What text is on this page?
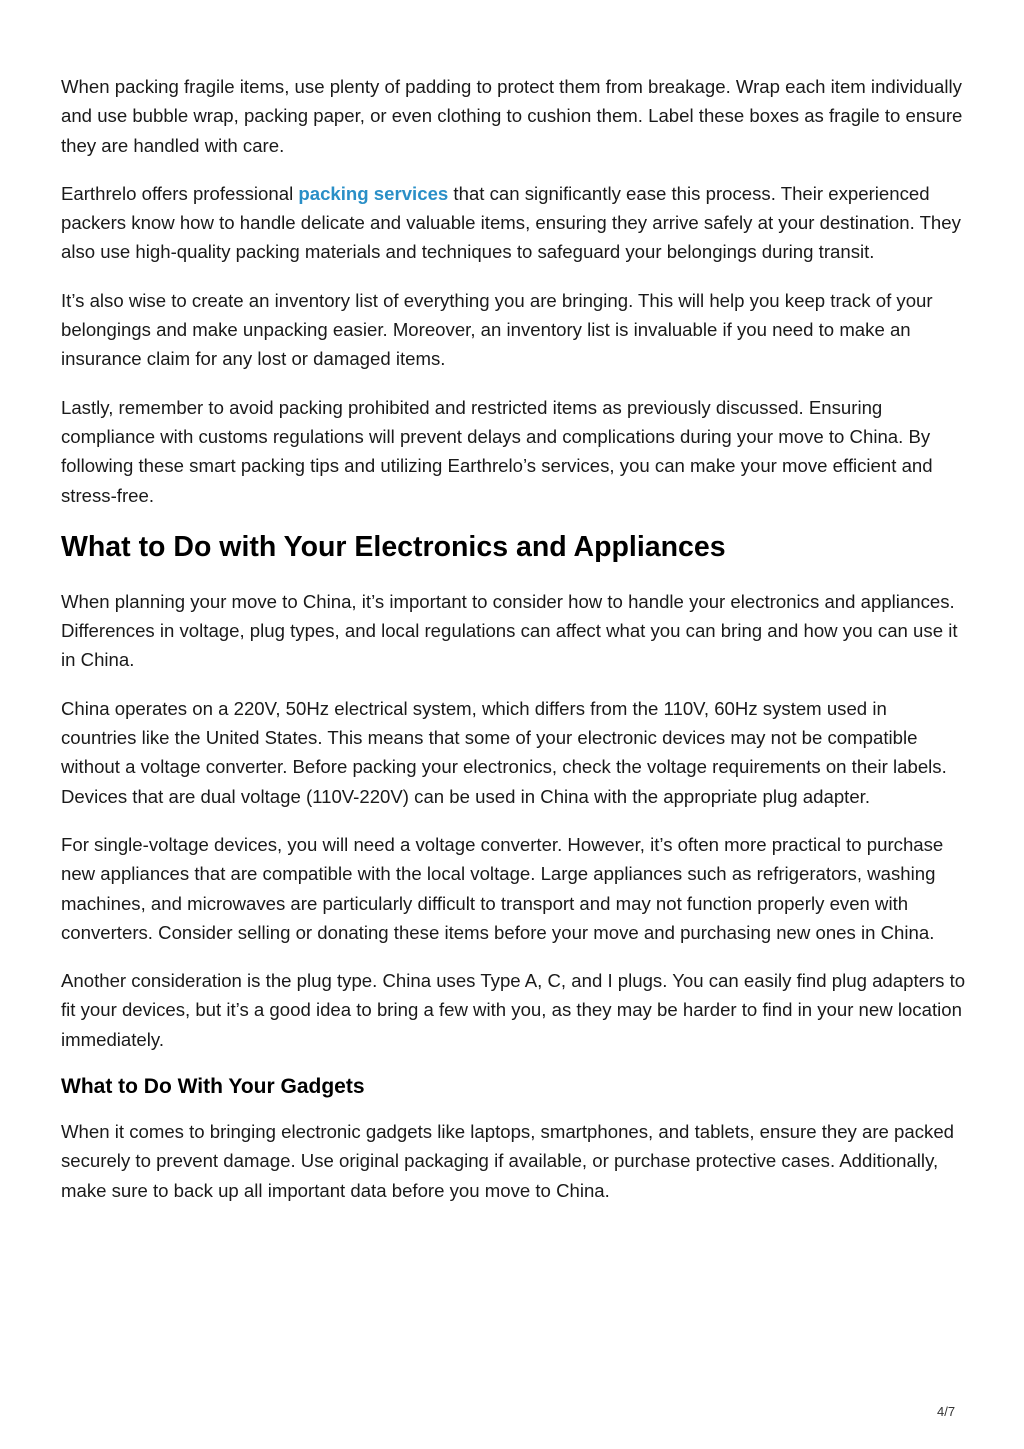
When packing fragile items, use plenty of padding to protect them from breakage. Wrap each item individually and use bubble wrap, packing paper, or even clothing to cushion them. Label these boxes as fragile to ensure they are handled with care.

Earthrelo offers professional packing services that can significantly ease this process. Their experienced packers know how to handle delicate and valuable items, ensuring they arrive safely at your destination. They also use high-quality packing materials and techniques to safeguard your belongings during transit.

It’s also wise to create an inventory list of everything you are bringing. This will help you keep track of your belongings and make unpacking easier. Moreover, an inventory list is invaluable if you need to make an insurance claim for any lost or damaged items.

Lastly, remember to avoid packing prohibited and restricted items as previously discussed. Ensuring compliance with customs regulations will prevent delays and complications during your move to China. By following these smart packing tips and utilizing Earthrelo’s services, you can make your move efficient and stress-free.

What to Do with Your Electronics and Appliances

When planning your move to China, it’s important to consider how to handle your electronics and appliances. Differences in voltage, plug types, and local regulations can affect what you can bring and how you can use it in China.

China operates on a 220V, 50Hz electrical system, which differs from the 110V, 60Hz system used in countries like the United States. This means that some of your electronic devices may not be compatible without a voltage converter. Before packing your electronics, check the voltage requirements on their labels. Devices that are dual voltage (110V-220V) can be used in China with the appropriate plug adapter.

For single-voltage devices, you will need a voltage converter. However, it’s often more practical to purchase new appliances that are compatible with the local voltage. Large appliances such as refrigerators, washing machines, and microwaves are particularly difficult to transport and may not function properly even with converters. Consider selling or donating these items before your move and purchasing new ones in China.

Another consideration is the plug type. China uses Type A, C, and I plugs. You can easily find plug adapters to fit your devices, but it’s a good idea to bring a few with you, as they may be harder to find in your new location immediately.

What to Do With Your Gadgets

When it comes to bringing electronic gadgets like laptops, smartphones, and tablets, ensure they are packed securely to prevent damage. Use original packaging if available, or purchase protective cases. Additionally, make sure to back up all important data before you move to China.

4/7
